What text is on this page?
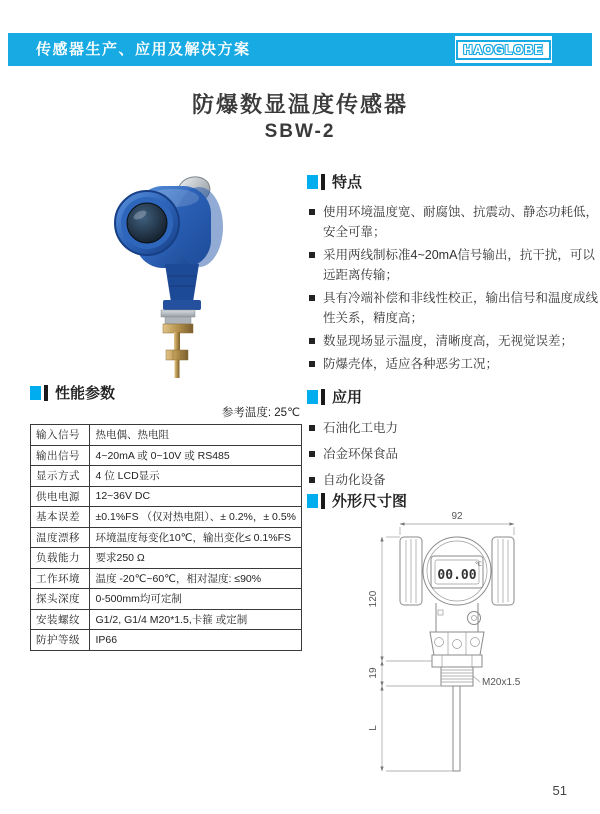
传感器生产、应用及解决方案	HAOGLOBE
防爆数显温度传感器
SBW-2
特点
使用环境温度宽、耐腐蚀、抗震动、静态功耗低，安全可靠；
采用两线制标准4~20mA信号输出，抗干扰，可以远距离传输；
具有冷端补偿和非线性校正，输出信号和温度成线性关系，精度高；
数显现场显示温度，清晰度高，无视觉误差；
防爆壳体，适应各种恶劣工况；
应用
石油化工电力
冶金环保食品
自动化设备
性能参数
参考温度: 25℃
输入信号	热电偶、热电阻
输出信号	4~20mA 或 0~10V 或 RS485
显示方式	4 位 LCD显示
供电电源	12~36V DC
基本误差	±0.1%FS （仅对热电阻）、± 0.2%，± 0.5%
温度漂移	环境温度每变化10℃，输出变化≤ 0.1%FS
负载能力	要求250 Ω
工作环境	温度 -20℃~60℃，相对湿度: ≤90%
探头深度	0-500mm均可定制
安装螺纹	G1/2, G1/4 M20*1.5,卡箍 或定制
防护等级	IP66
外形尺寸图
92
℃
00.00
M20x1.5
120
19
L
51
